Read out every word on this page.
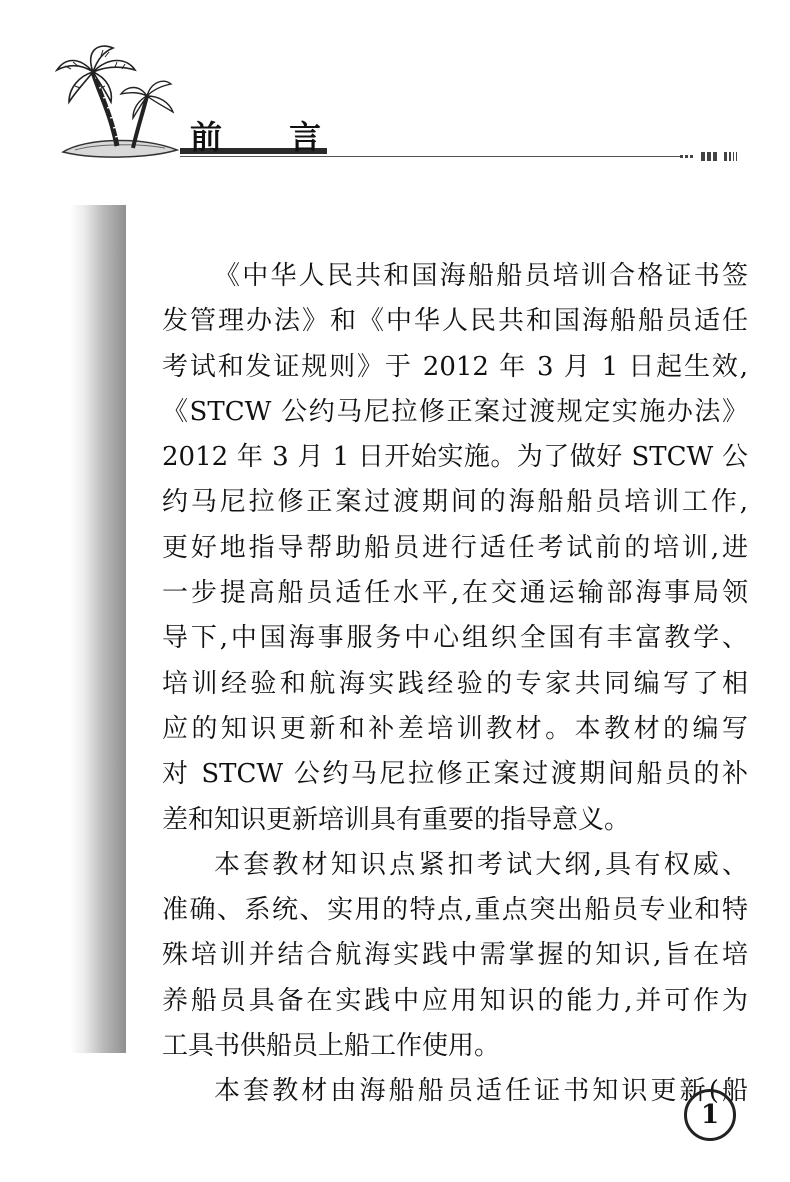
前 言
《中华人民共和国海船船员培训合格证书签
发管理办法》和《中华人民共和国海船船员适任
考试和发证规则》于 2012 年 3 月 1 日起生效,
《STCW 公约马尼拉修正案过渡规定实施办法》
2012 年 3 月 1 日开始实施。为了做好 STCW 公
约马尼拉修正案过渡期间的海船船员培训工作,
更好地指导帮助船员进行适任考试前的培训,进
一步提高船员适任水平,在交通运输部海事局领
导下,中国海事服务中心组织全国有丰富教学、
培训经验和航海实践经验的专家共同编写了相
应的知识更新和补差培训教材。本教材的编写
对 STCW 公约马尼拉修正案过渡期间船员的补
差和知识更新培训具有重要的指导意义。
本套教材知识点紧扣考试大纲,具有权威、
准确、系统、实用的特点,重点突出船员专业和特
殊培训并结合航海实践中需掌握的知识,旨在培
养船员具备在实践中应用知识的能力,并可作为
工具书供船员上船工作使用。
本套教材由海船船员适任证书知识更新(船
1
